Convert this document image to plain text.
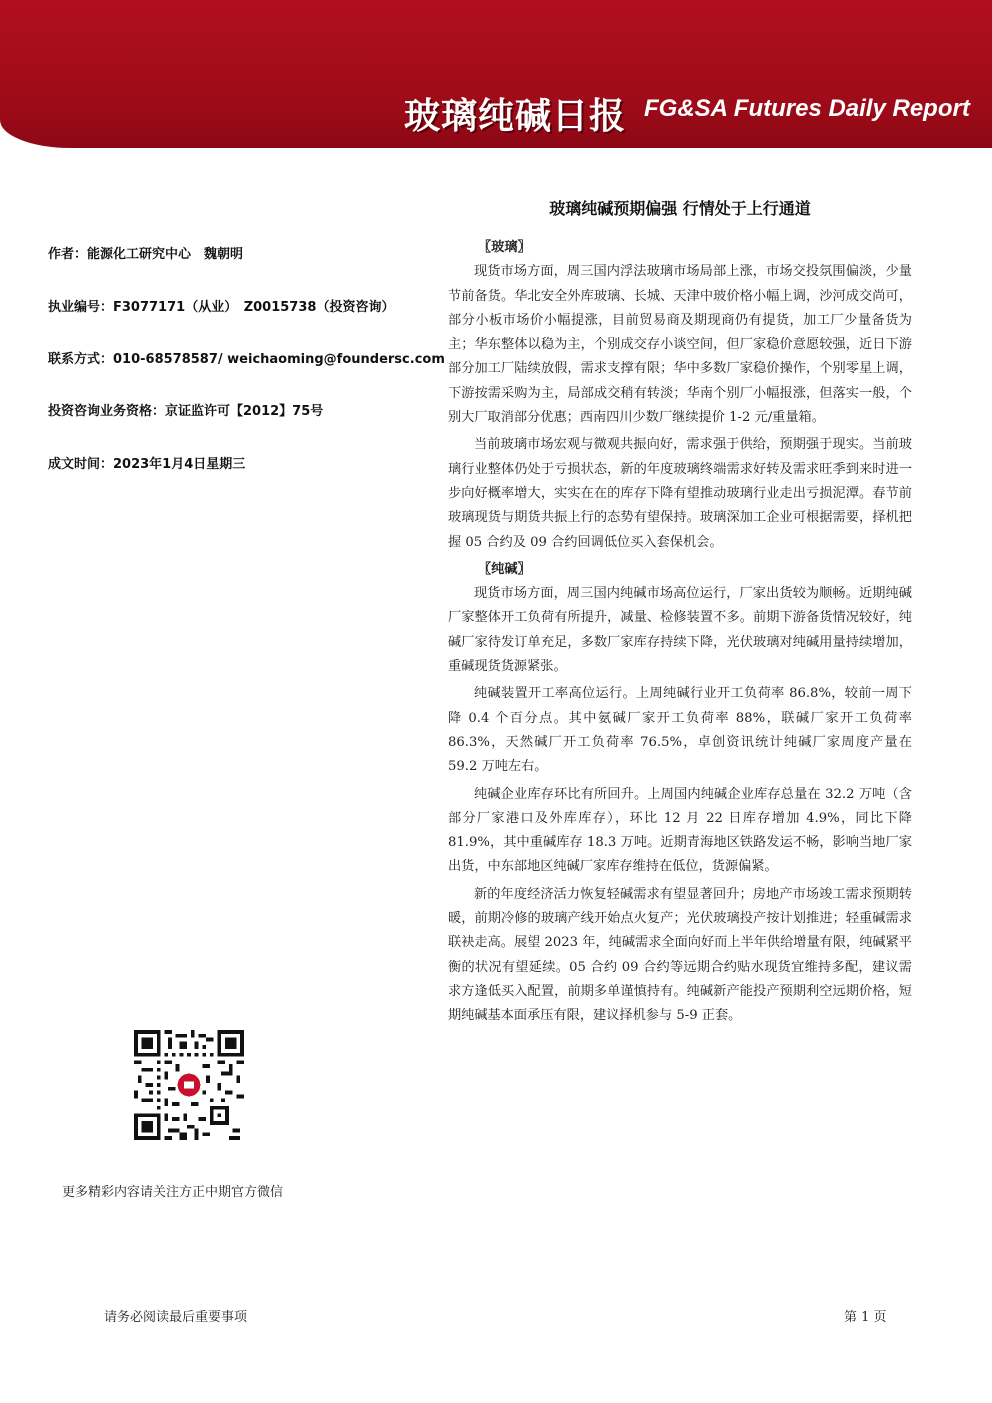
玻璃纯碱日报 FG&SA Futures Daily Report
玻璃纯碱预期偏强 行情处于上行通道
作者：能源化工研究中心　魏朝明
执业编号：F3077171（从业）　Z0015738（投资咨询）
联系方式：010-68578587/ weichaoming@foundersc.com
投资咨询业务资格：京证监许可【2012】75号
成文时间：2023年1月4日星期三
更多精彩内容请关注方正中期官方微信

〖玻璃〗

现货市场方面，周三国内浮法玻璃市场局部上涨，市场交投氛围偏淡，少量节前备货。华北安全外库玻璃、长城、天津中玻价格小幅上调，沙河成交尚可，部分小板市场价小幅提涨，目前贸易商及期现商仍有提货，加工厂少量备货为主；华东整体以稳为主，个别成交存小谈空间，但厂家稳价意愿较强，近日下游部分加工厂陆续放假，需求支撑有限；华中多数厂家稳价操作，个别零星上调，下游按需采购为主，局部成交稍有转淡；华南个别厂小幅报涨，但落实一般，个别大厂取消部分优惠；西南四川少数厂继续提价 1-2 元/重量箱。

当前玻璃市场宏观与微观共振向好，需求强于供给，预期强于现实。当前玻璃行业整体仍处于亏损状态，新的年度玻璃终端需求好转及需求旺季到来时进一步向好概率增大，实实在在的库存下降有望推动玻璃行业走出亏损泥潭。春节前玻璃现货与期货共振上行的态势有望保持。玻璃深加工企业可根据需要，择机把握 05 合约及 09 合约回调低位买入套保机会。

〖纯碱〗

现货市场方面，周三国内纯碱市场高位运行，厂家出货较为顺畅。近期纯碱厂家整体开工负荷有所提升，减量、检修装置不多。前期下游备货情况较好，纯碱厂家待发订单充足，多数厂家库存持续下降，光伏玻璃对纯碱用量持续增加，重碱现货货源紧张。

纯碱装置开工率高位运行。上周纯碱行业开工负荷率 86.8%，较前一周下降 0.4 个百分点。其中氨碱厂家开工负荷率 88%，联碱厂家开工负荷率 86.3%，天然碱厂开工负荷率 76.5%，卓创资讯统计纯碱厂家周度产量在 59.2 万吨左右。

纯碱企业库存环比有所回升。上周国内纯碱企业库存总量在 32.2 万吨（含部分厂家港口及外库库存），环比 12 月 22 日库存增加 4.9%，同比下降 81.9%，其中重碱库存 18.3 万吨。近期青海地区铁路发运不畅，影响当地厂家出货，中东部地区纯碱厂家库存维持在低位，货源偏紧。

新的年度经济活力恢复轻碱需求有望显著回升；房地产市场竣工需求预期转暖，前期冷修的玻璃产线开始点火复产；光伏玻璃投产按计划推进；轻重碱需求联袂走高。展望 2023 年，纯碱需求全面向好而上半年供给增量有限，纯碱紧平衡的状况有望延续。05 合约 09 合约等远期合约贴水现货宜维持多配，建议需求方逢低买入配置，前期多单谨慎持有。纯碱新产能投产预期利空远期价格，短期纯碱基本面承压有限，建议择机参与 5-9 正套。

请务必阅读最后重要事项	第 1 页
